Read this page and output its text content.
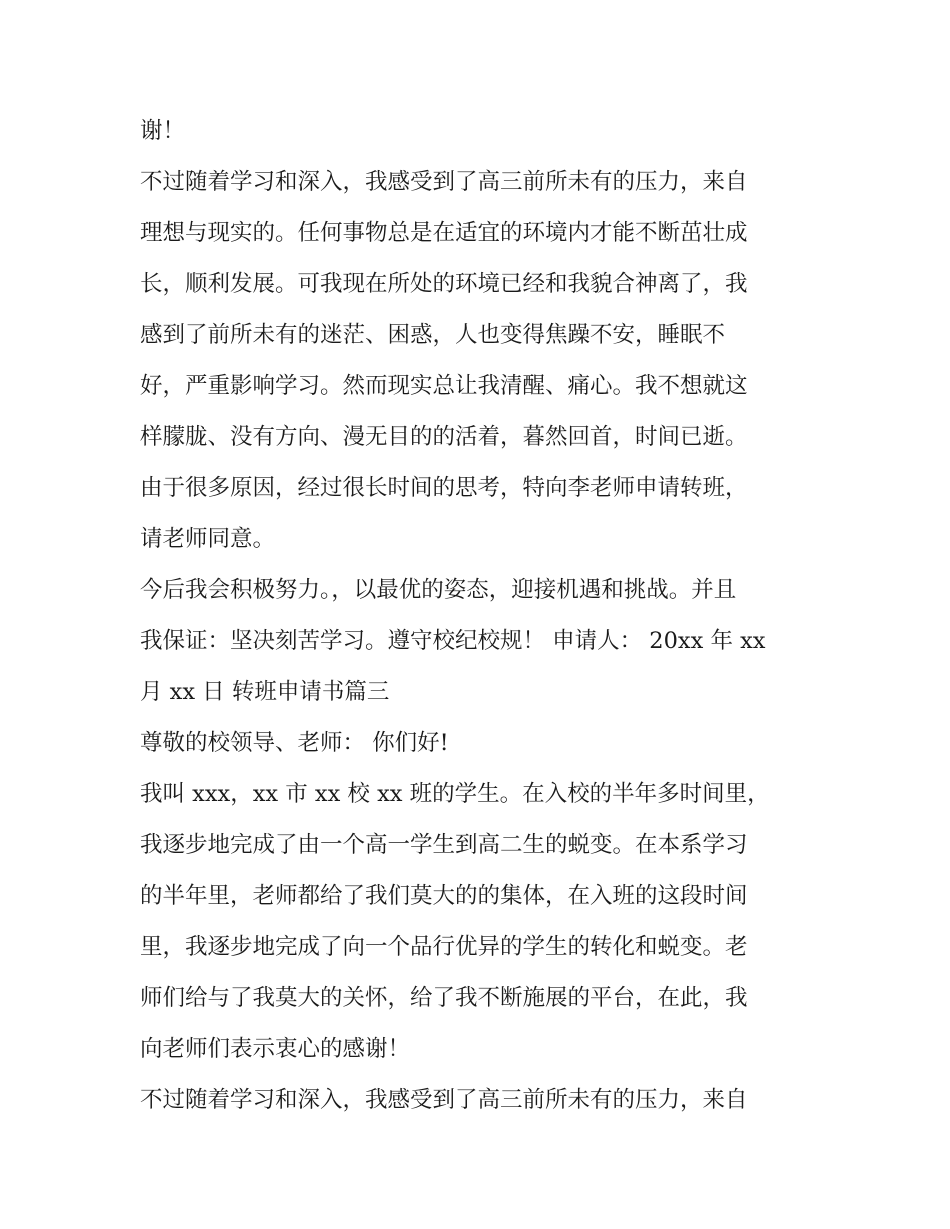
谢！
不过随着学习和深入，我感受到了高三前所未有的压力，来自
理想与现实的。任何事物总是在适宜的环境内才能不断茁壮成
长，顺利发展。可我现在所处的环境已经和我貌合神离了，我
感到了前所未有的迷茫、困惑，人也变得焦躁不安，睡眠不
好，严重影响学习。然而现实总让我清醒、痛心。我不想就这
样朦胧、没有方向、漫无目的的活着，暮然回首，时间已逝。
由于很多原因，经过很长时间的思考，特向李老师申请转班，
请老师同意。
今后我会积极努力。，以最优的姿态，迎接机遇和挑战。并且
我保证：坚决刻苦学习。遵守校纪校规！ 申请人： 20xx 年 xx
月 xx 日 转班申请书篇三
尊敬的校领导、老师： 你们好!
我叫 xxx，xx 市 xx 校 xx 班的学生。在入校的半年多时间里，
我逐步地完成了由一个高一学生到高二生的蜕变。在本系学习
的半年里，老师都给了我们莫大的的集体，在入班的这段时间
里，我逐步地完成了向一个品行优异的学生的转化和蜕变。老
师们给与了我莫大的关怀，给了我不断施展的平台，在此，我
向老师们表示衷心的感谢！
不过随着学习和深入，我感受到了高三前所未有的压力，来自
